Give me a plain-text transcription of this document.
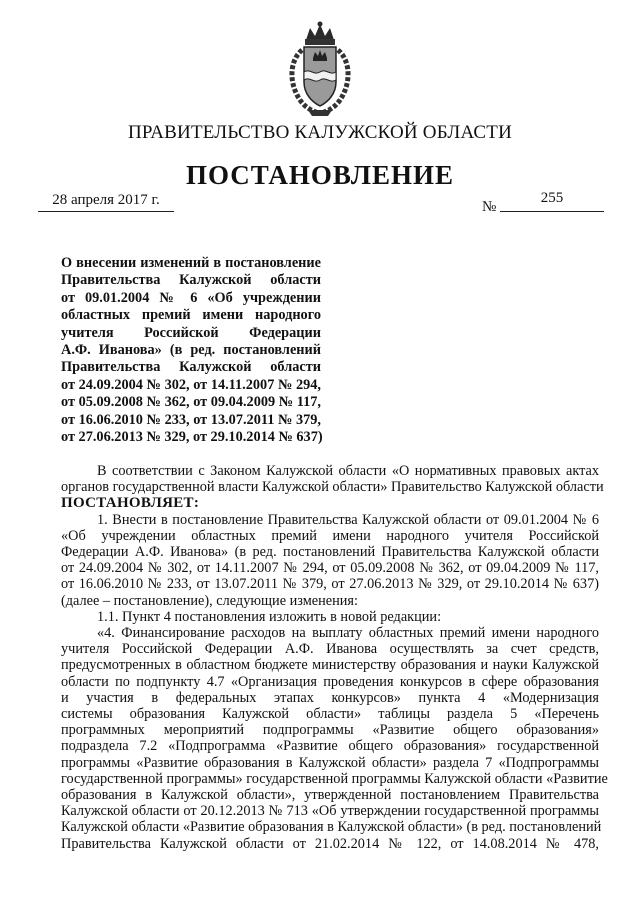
ПРАВИТЕЛЬСТВО КАЛУЖСКОЙ ОБЛАСТИ
ПОСТАНОВЛЕНИЕ
28 апреля 2017 г.	№
255
О внесении изменений в постановление
Правительства Калужской области
от 09.01.2004 № 6 «Об учреждении
областных премий имени народного
учителя Российской Федерации
А.Ф. Иванова» (в ред. постановлений
Правительства Калужской области
от 24.09.2004 № 302, от 14.11.2007 № 294,
от 05.09.2008 № 362, от 09.04.2009 № 117,
от 16.06.2010 № 233, от 13.07.2011 № 379,
от 27.06.2013 № 329, от 29.10.2014 № 637)
В соответствии с Законом Калужской области «О нормативных правовых актах
органов государственной власти Калужской области» Правительство Калужской области
ПОСТАНОВЛЯЕТ:
1. Внести в постановление Правительства Калужской области от 09.01.2004 № 6
«Об учреждении областных премий имени народного учителя Российской
Федерации А.Ф. Иванова» (в ред. постановлений Правительства Калужской области
от 24.09.2004 № 302, от 14.11.2007 № 294, от 05.09.2008 № 362, от 09.04.2009 № 117,
от 16.06.2010 № 233, от 13.07.2011 № 379, от 27.06.2013 № 329, от 29.10.2014 № 637)
(далее – постановление), следующие изменения:
1.1. Пункт 4 постановления изложить в новой редакции:
«4. Финансирование расходов на выплату областных премий имени народного
учителя Российской Федерации А.Ф. Иванова осуществлять за счет средств,
предусмотренных в областном бюджете министерству образования и науки Калужской
области по подпункту 4.7 «Организация проведения конкурсов в сфере образования
и участия в федеральных этапах конкурсов» пункта 4 «Модернизация
системы образования Калужской области» таблицы раздела 5 «Перечень
программных мероприятий подпрограммы «Развитие общего образования»
подраздела 7.2 «Подпрограмма «Развитие общего образования» государственной
программы «Развитие образования в Калужской области» раздела 7 «Подпрограммы
государственной программы» государственной программы Калужской области «Развитие
образования в Калужской области», утвержденной постановлением Правительства
Калужской области от 20.12.2013 № 713 «Об утверждении государственной программы
Калужской области «Развитие образования в Калужской области» (в ред. постановлений
Правительства Калужской области от 21.02.2014 № 122, от 14.08.2014 № 478,
